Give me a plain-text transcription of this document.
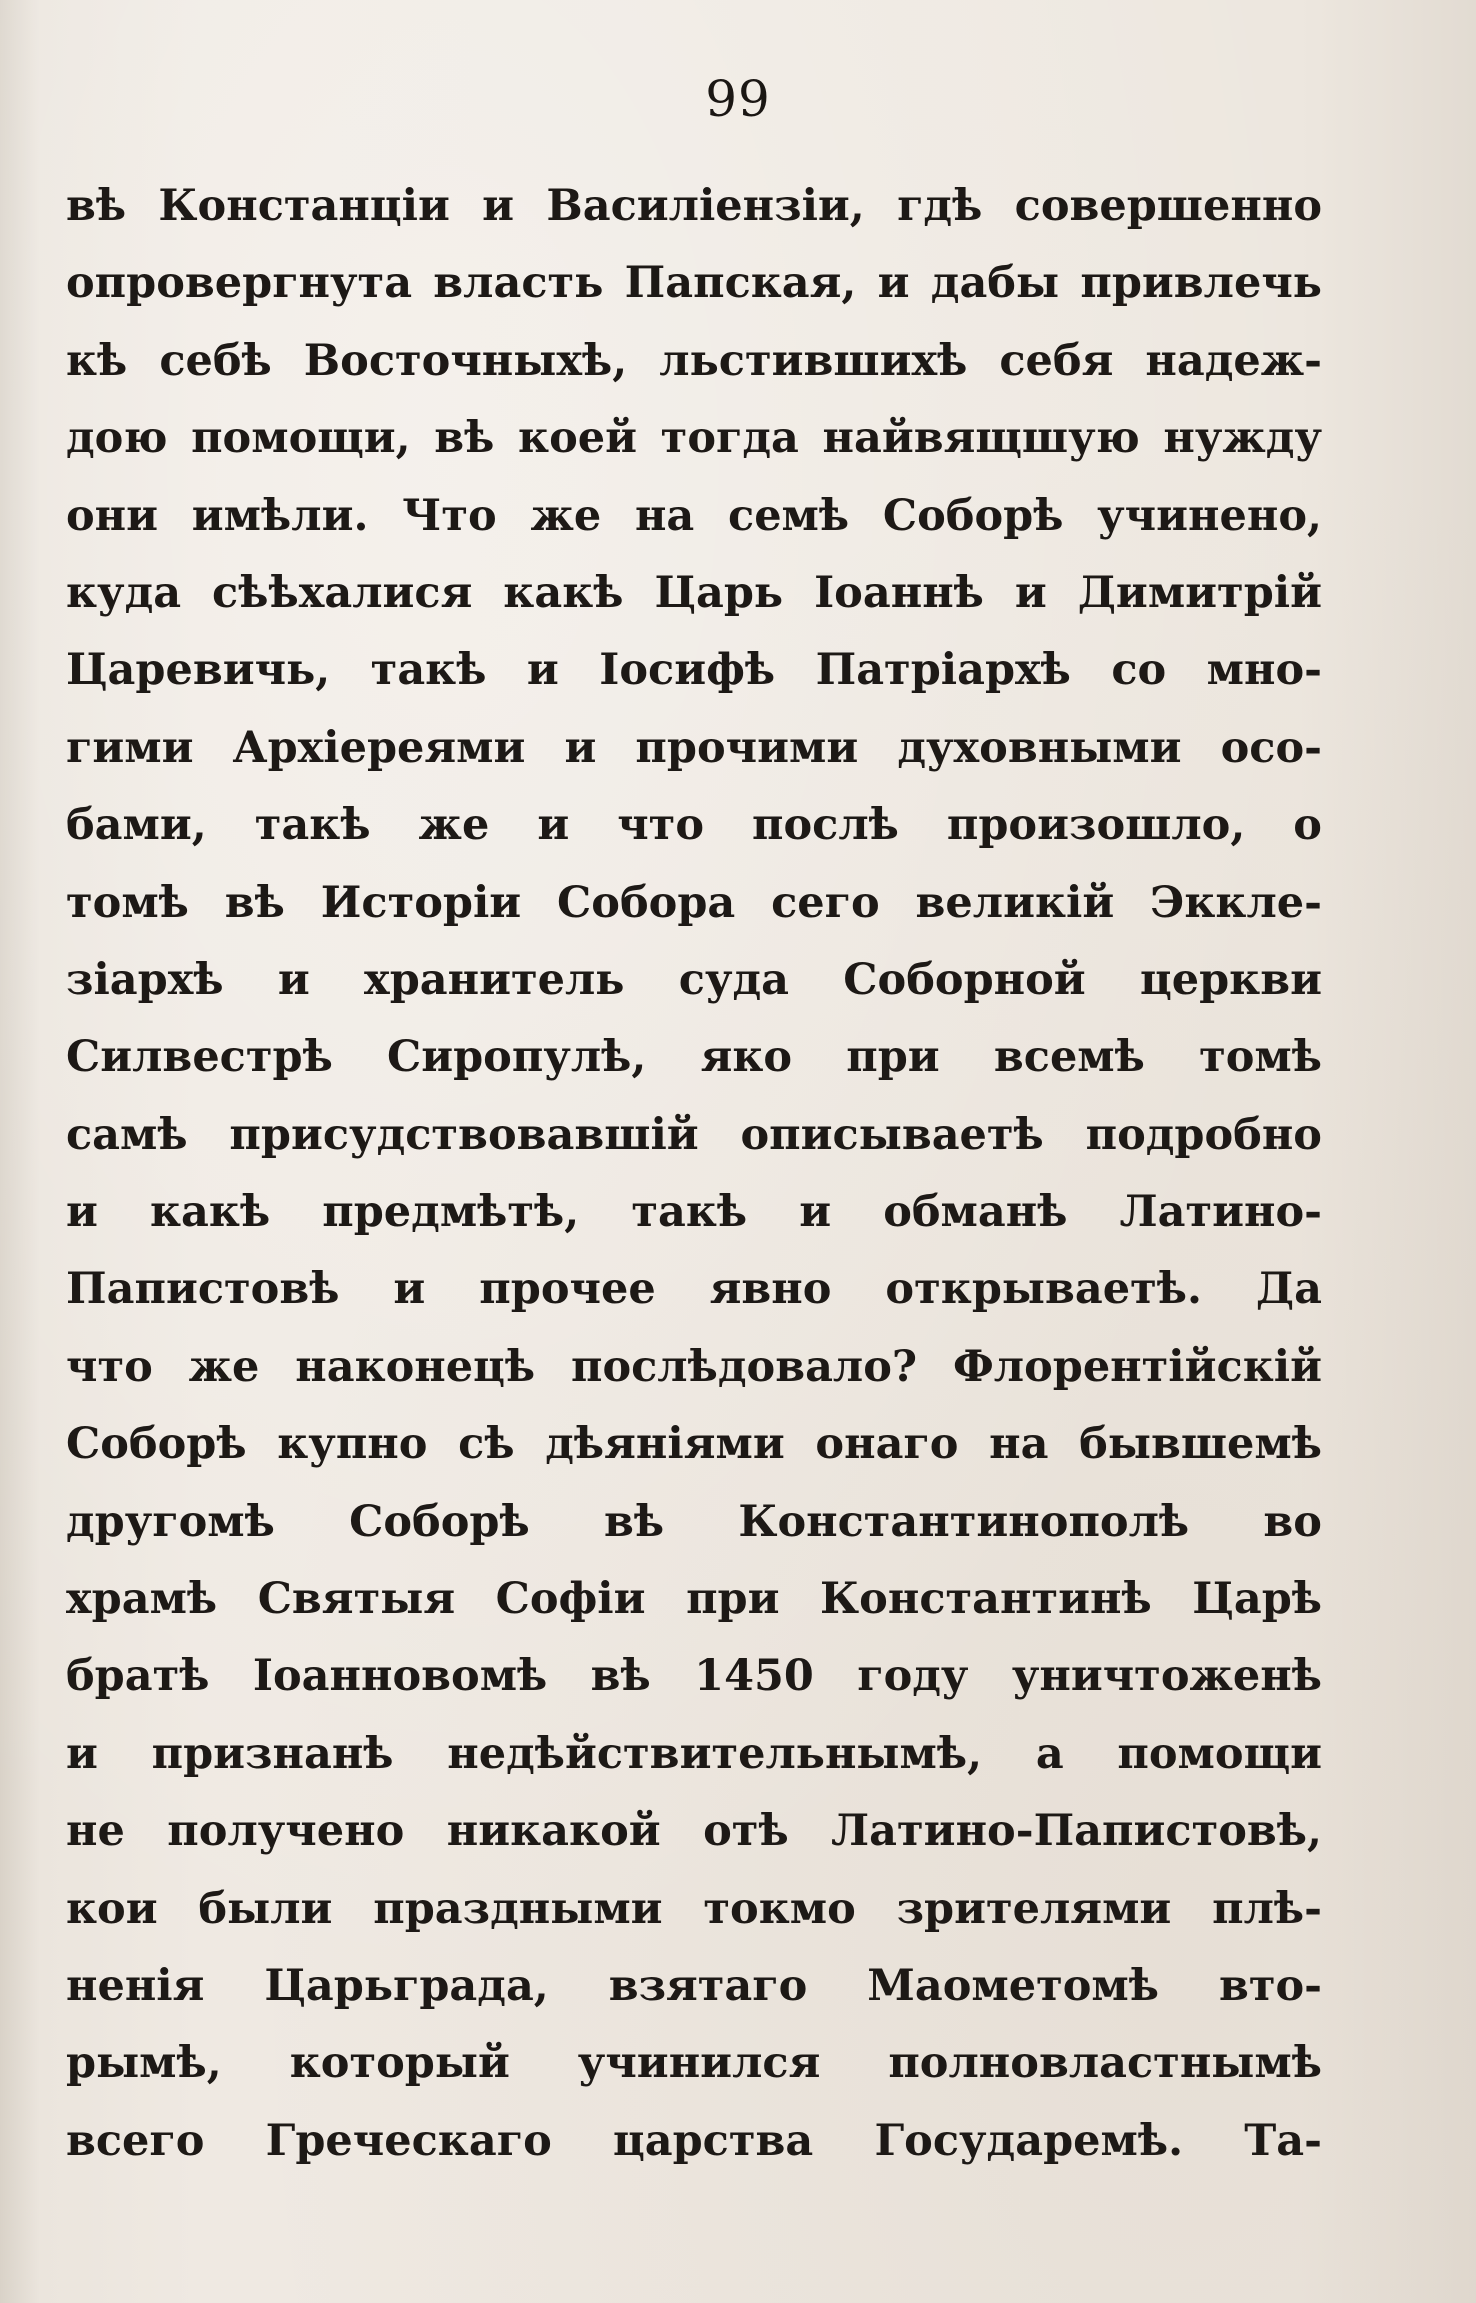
99
вѣ Констанціи и Василіензіи, гдѣ совершенно
опровергнута власть Папская, и дабы привлечь
кѣ себѣ Восточныхѣ, льстившихѣ себя надеж-
дою помощи, вѣ коей тогда найвящшую нужду
они имѣли. Что же на семѣ Соборѣ учинено,
куда сѣѣхалися какѣ Царь Іоаннѣ и Димитрій
Царевичь, такѣ и Іосифѣ Патріархѣ со мно-
гими Архіереями и прочими духовными осо-
бами, такѣ же и что послѣ произошло, о
томѣ вѣ Исторіи Собора сего великій Эккле-
зіархѣ и хранитель суда Соборной церкви
Силвестрѣ Сиропулѣ, яко при всемѣ томѣ
самѣ присудствовавшій описываетѣ подробно
и какѣ предмѣтѣ, такѣ и обманѣ Латино-
Папистовѣ и прочее явно открываетѣ. Да
что же наконецѣ послѣдовало? Флорентійскій
Соборѣ купно сѣ дѣяніями онаго на бывшемѣ
другомѣ Соборѣ вѣ Константинополѣ во
храмѣ Святыя Софіи при Константинѣ Царѣ
братѣ Іоанновомѣ вѣ 1450 году уничтоженѣ
и признанѣ недѣйствительнымѣ, а помощи
не получено никакой отѣ Латино-Папистовѣ,
кои были праздными токмо зрителями плѣ-
ненія Царьграда, взятаго Маометомѣ вто-
рымѣ, который учинился полновластнымѣ
всего Греческаго царства Государемѣ. Та-
